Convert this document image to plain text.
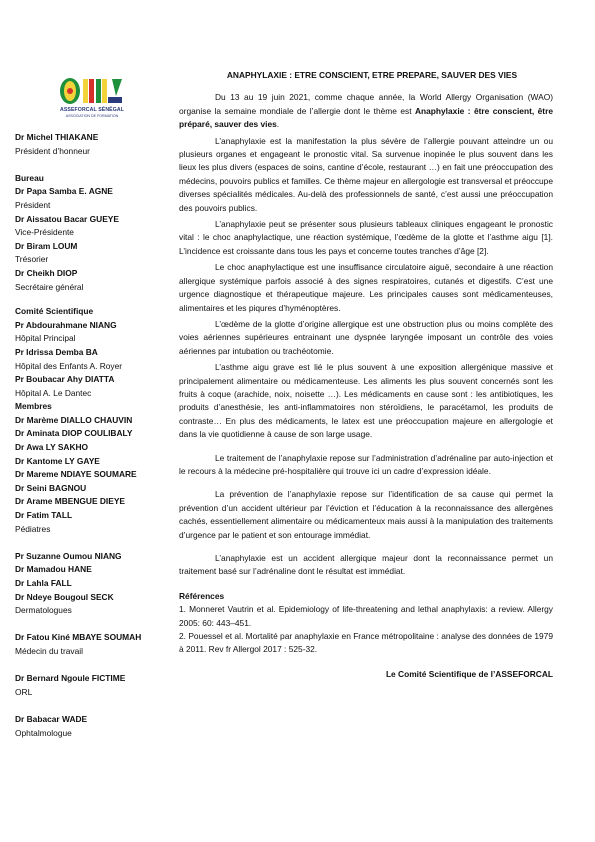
ASSEFORCAL SÉNÉGAL
ASSOCIATION DE FORMATION
Dr Michel THIAKANE
Président d’honneur
Bureau
Dr Papa Samba E. AGNE
Président
Dr Aissatou Bacar GUEYE
Vice-Présidente
Dr Biram LOUM
Trésorier
Dr Cheikh DIOP
Secrétaire général
Comité Scientifique
Pr Abdourahmane NIANG
Hôpital Principal
Pr Idrissa Demba BA
Hôpital des Enfants A. Royer
Pr Boubacar Ahy DIATTA
Hôpital A. Le Dantec
Membres
Dr Marème DIALLO CHAUVIN
Dr Aminata DIOP COULIBALY
Dr Awa LY SAKHO
Dr Kantome LY GAYE
Dr Mareme NDIAYE SOUMARE
Dr Seini BAGNOU
Dr Arame MBENGUE DIEYE
Dr Fatim TALL
Pédiatres
Pr Suzanne Oumou NIANG
Dr Mamadou HANE
Dr Lahla FALL
Dr Ndeye Bougoul SECK
Dermatologues
Dr Fatou Kiné MBAYE SOUMAH
Médecin du travail
Dr Bernard Ngoule FICTIME
ORL
Dr Babacar WADE
Ophtalmologue
ANAPHYLAXIE : ETRE CONSCIENT, ETRE PREPARE, SAUVER DES VIES

Du 13 au 19 juin 2021, comme chaque année, la World Allergy Organisation (WAO) organise la semaine mondiale de l’allergie dont le thème est Anaphylaxie : être conscient, être préparé, sauver des vies.

L’anaphylaxie est la manifestation la plus sévère de l’allergie pouvant atteindre un ou plusieurs organes et engageant le pronostic vital. Sa survenue inopinée le plus souvent dans les lieux les plus divers (espaces de soins, cantine d’école, restaurant …) en fait une préoccupation des médecins, pouvoirs publics et familles. Ce thème majeur en allergologie est transversal et préoccupe diverses spécialités médicales. Au-delà des professionnels de santé, c’est aussi une préoccupation des pouvoirs publics.

L’anaphylaxie peut se présenter sous plusieurs tableaux cliniques engageant le pronostic vital : le choc anaphylactique, une réaction systémique, l’œdème de la glotte et l’asthme aigu [1]. L’incidence est croissante dans tous les pays et concerne toutes tranches d’âge [2].

Le choc anaphylactique est une insuffisance circulatoire aiguë, secondaire à une réaction allergique systémique parfois associé à des signes respiratoires, cutanés et digestifs. C’est une urgence diagnostique et thérapeutique majeure. Les principales causes sont médicamenteuses, alimentaires et les piqures d’hyménoptères.

L’œdème de la glotte d’origine allergique est une obstruction plus ou moins complète des voies aériennes supérieures entrainant une dyspnée laryngée imposant un contrôle des voies aériennes par intubation ou trachéotomie.

L’asthme aigu grave est lié le plus souvent à une exposition allergénique massive et principalement alimentaire ou médicamenteuse. Les aliments les plus souvent concernés sont les fruits à coque (arachide, noix, noisette …). Les médicaments en cause sont : les antibiotiques, les produits d’anesthésie, les anti-inflammatoires non stéroïdiens, le paracétamol, les produits de contraste… En plus des médicaments, le latex est une préoccupation majeure en allergologie et dans la vie quotidienne à cause de son large usage.

Le traitement de l’anaphylaxie repose sur l’administration d’adrénaline par auto-injection et le recours à la médecine pré-hospitalière qui trouve ici un cadre d’expression idéale.

La prévention de l’anaphylaxie repose sur l’identification de sa cause qui permet la prévention d’un accident ultérieur par l’éviction et l’éducation à la reconnaissance des allergènes cachés, essentiellement alimentaire ou médicamenteux mais aussi à la manipulation des traitements d’urgence par le patient et son entourage immédiat.

L’anaphylaxie est un accident allergique majeur dont la reconnaissance permet un traitement basé sur l’adrénaline dont le résultat est immédiat.

Références

1. Monneret Vautrin et al. Epidemiology of life-threatening and lethal anaphylaxis: a review. Allergy 2005: 60: 443–451.

2. Pouessel et al. Mortalité par anaphylaxie en France métropolitaine : analyse des données de 1979 à 2011. Rev fr Allergol 2017 : 525-32.

Le Comité Scientifique de l’ASSEFORCAL
